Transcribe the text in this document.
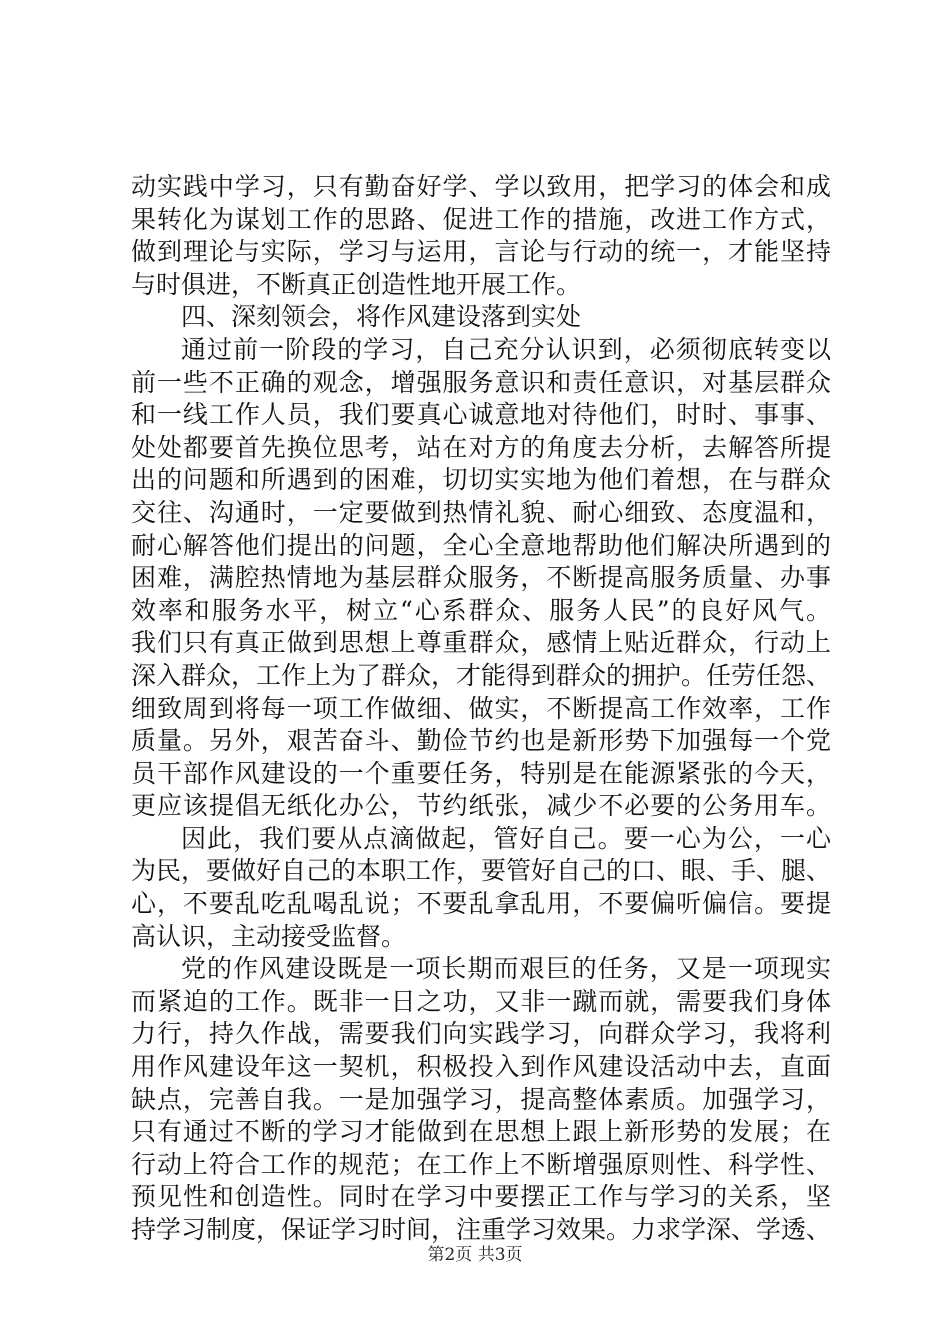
动实践中学习，只有勤奋好学、学以致用，把学习的体会和成
果转化为谋划工作的思路、促进工作的措施，改进工作方式，
做到理论与实际，学习与运用，言论与行动的统一，才能坚持
与时俱进，不断真正创造性地开展工作。
四、深刻领会，将作风建设落到实处
通过前一阶段的学习，自己充分认识到，必须彻底转变以
前一些不正确的观念，增强服务意识和责任意识，对基层群众
和一线工作人员，我们要真心诚意地对待他们，时时、事事、
处处都要首先换位思考，站在对方的角度去分析，去解答所提
出的问题和所遇到的困难，切切实实地为他们着想，在与群众
交往、沟通时，一定要做到热情礼貌、耐心细致、态度温和，
耐心解答他们提出的问题，全心全意地帮助他们解决所遇到的
困难，满腔热情地为基层群众服务，不断提高服务质量、办事
效率和服务水平，树立“心系群众、服务人民”的良好风气。
我们只有真正做到思想上尊重群众，感情上贴近群众，行动上
深入群众，工作上为了群众，才能得到群众的拥护。任劳任怨、
细致周到将每一项工作做细、做实，不断提高工作效率，工作
质量。另外，艰苦奋斗、勤俭节约也是新形势下加强每一个党
员干部作风建设的一个重要任务，特别是在能源紧张的今天，
更应该提倡无纸化办公，节约纸张，减少不必要的公务用车。
因此，我们要从点滴做起，管好自己。要一心为公，一心
为民，要做好自己的本职工作，要管好自己的口、眼、手、腿、
心，不要乱吃乱喝乱说；不要乱拿乱用，不要偏听偏信。要提
高认识，主动接受监督。
党的作风建设既是一项长期而艰巨的任务，又是一项现实
而紧迫的工作。既非一日之功，又非一蹴而就，需要我们身体
力行，持久作战，需要我们向实践学习，向群众学习，我将利
用作风建设年这一契机，积极投入到作风建设活动中去，直面
缺点，完善自我。一是加强学习，提高整体素质。加强学习，
只有通过不断的学习才能做到在思想上跟上新形势的发展；在
行动上符合工作的规范；在工作上不断增强原则性、科学性、
预见性和创造性。同时在学习中要摆正工作与学习的关系，坚
持学习制度，保证学习时间，注重学习效果。力求学深、学透、
第2页 共3页
